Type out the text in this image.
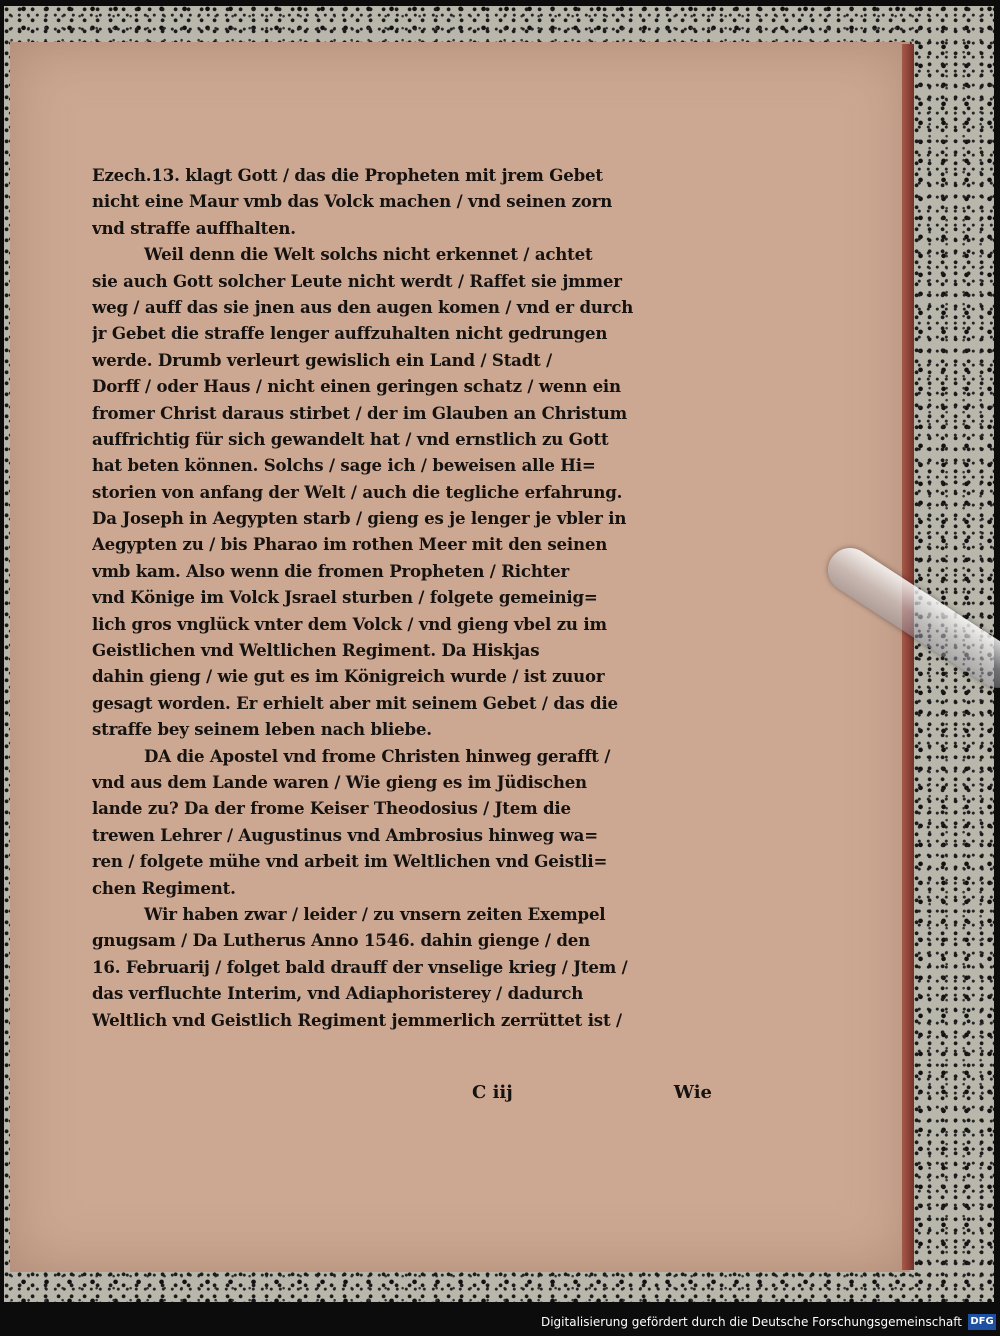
Ezech.13. klagt Gott / das die Propheten mit jrem Gebet
nicht eine Maur vmb das Volck machen / vnd seinen zorn
vnd straffe auffhalten.
Weil denn die Welt solchs nicht erkennet / achtet
sie auch Gott solcher Leute nicht werdt / Raffet sie jmmer
weg / auff das sie jnen aus den augen komen / vnd er durch
jr Gebet die straffe lenger auffzuhalten nicht gedrungen
werde. Drumb verleurt gewislich ein Land / Stadt /
Dorff / oder Haus / nicht einen geringen schatz / wenn ein
fromer Christ daraus stirbet / der im Glauben an Christum
auffrichtig für sich gewandelt hat / vnd ernstlich zu Gott
hat beten können. Solchs / sage ich / beweisen alle Hi=
storien von anfang der Welt / auch die tegliche erfahrung.
Da Joseph in Aegypten starb / gieng es je lenger je vbler in
Aegypten zu / bis Pharao im rothen Meer mit den seinen
vmb kam. Also wenn die fromen Propheten / Richter
vnd Könige im Volck Jsrael sturben / folgete gemeinig=
lich gros vnglück vnter dem Volck / vnd gieng vbel zu im
Geistlichen vnd Weltlichen Regiment. Da Hiskjas
dahin gieng / wie gut es im Königreich wurde / ist zuuor
gesagt worden. Er erhielt aber mit seinem Gebet / das die
straffe bey seinem leben nach bliebe.
DA die Apostel vnd frome Christen hinweg gerafft /
vnd aus dem Lande waren / Wie gieng es im Jüdischen
lande zu? Da der frome Keiser Theodosius / Jtem die
trewen Lehrer / Augustinus vnd Ambrosius hinweg wa=
ren / folgete mühe vnd arbeit im Weltlichen vnd Geistli=
chen Regiment.
Wir haben zwar / leider / zu vnsern zeiten Exempel
gnugsam / Da Lutherus Anno 1546. dahin gienge / den
16. Februarij / folget bald drauff der vnselige krieg / Jtem /
das verfluchte Interim, vnd Adiaphoristerey / dadurch
Weltlich vnd Geistlich Regiment jemmerlich zerrüttet ist /
C iij	Wie
Digitalisierung gefördert durch die Deutsche Forschungsgemeinschaft DFG
